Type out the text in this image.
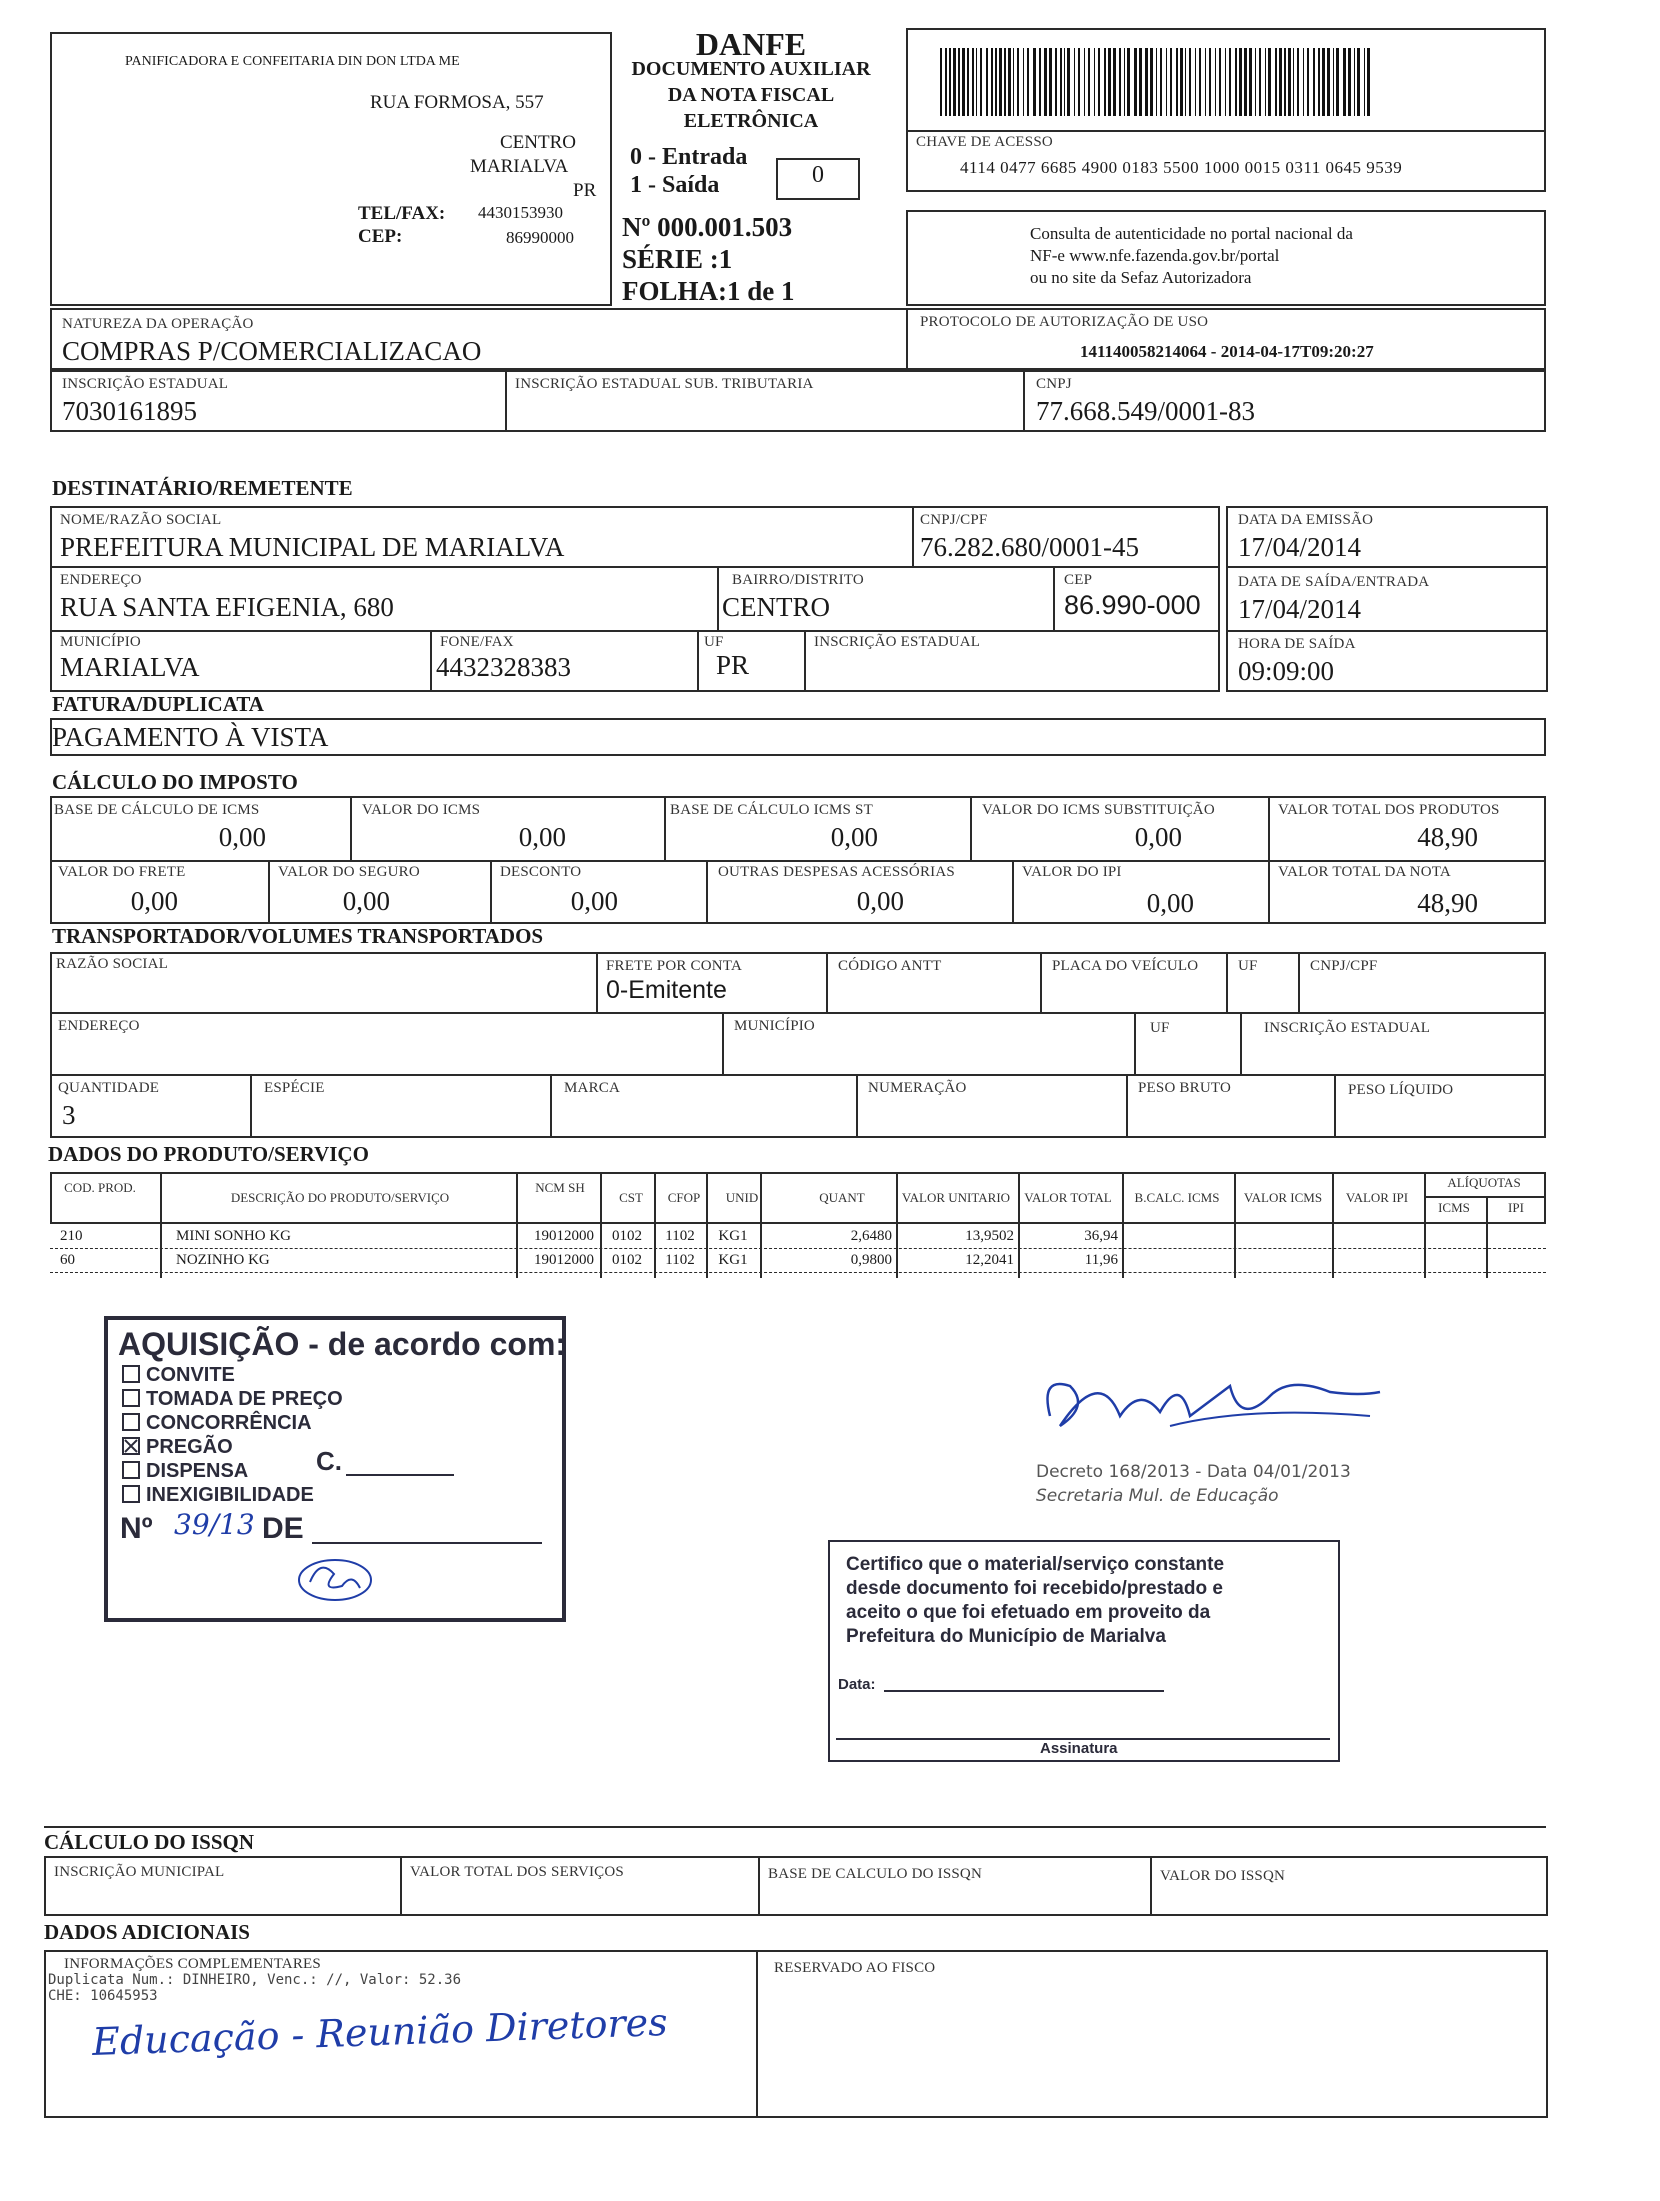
PANIFICADORA E CONFEITARIA DIN DON LTDA ME
RUA FORMOSA, 557
CENTRO
MARIALVA
PR
TEL/FAX: 4430153930
CEP:	86990000
DANFE
DOCUMENTO AUXILIAR
DA NOTA FISCAL
ELETRÔNICA
0 - Entrada
1 - Saída	0
Nº 000.001.503
SÉRIE :1
FOLHA:1 de 1
CHAVE DE ACESSO
4114 0477 6685 4900 0183 5500 1000 0015 0311 0645 9539
Consulta de autenticidade no portal nacional da
NF-e www.nfe.fazenda.gov.br/portal
ou no site da Sefaz Autorizadora
NATUREZA DA OPERAÇÃO
COMPRAS P/COMERCIALIZACAO
PROTOCOLO DE AUTORIZAÇÃO DE USO
141140058214064 - 2014-04-17T09:20:27
INSCRIÇÃO ESTADUAL
7030161895
INSCRIÇÃO ESTADUAL SUB. TRIBUTARIA	CNPJ
77.668.549/0001-83
DESTINATÁRIO/REMETENTE
NOME/RAZÃO SOCIAL
PREFEITURA MUNICIPAL DE MARIALVA
CNPJ/CPF
76.282.680/0001-45
DATA DA EMISSÃO
17/04/2014
ENDEREÇO
RUA SANTA EFIGENIA, 680
BAIRRO/DISTRITO
CENTRO
CEP
86.990-000
DATA DE SAÍDA/ENTRADA
17/04/2014
MUNICÍPIO
MARIALVA
FONE/FAX
4432328383
UF
PR
INSCRIÇÃO ESTADUAL	HORA DE SAÍDA
09:09:00
FATURA/DUPLICATA
PAGAMENTO À VISTA
CÁLCULO DO IMPOSTO
BASE DE CÁLCULO DE ICMS
0,00
VALOR DO ICMS
0,00
BASE DE CÁLCULO ICMS ST
0,00
VALOR DO ICMS SUBSTITUIÇÃO
0,00
VALOR TOTAL DOS PRODUTOS
48,90
VALOR DO FRETE
0,00
VALOR DO SEGURO
0,00
DESCONTO
0,00
OUTRAS DESPESAS ACESSÓRIAS
0,00
VALOR DO IPI
0,00
VALOR TOTAL DA NOTA
48,90
TRANSPORTADOR/VOLUMES TRANSPORTADOS
RAZÃO SOCIAL	FRETE POR CONTA
0-Emitente
CÓDIGO ANTT	PLACA DO VEÍCULO	UF	CNPJ/CPF
ENDEREÇO	MUNICÍPIO	UF	INSCRIÇÃO ESTADUAL
QUANTIDADE
3
ESPÉCIE	MARCA	NUMERAÇÃO	PESO BRUTO	PESO LÍQUIDO
DADOS DO PRODUTO/SERVIÇO
COD. PROD.
DESCRIÇÃO DO PRODUTO/SERVIÇO
NCM SH
CST	CFOP	UNID	QUANT	VALOR UNITARIO	VALOR TOTAL	B.CALC. ICMS	VALOR ICMS	VALOR IPI
ALÍQUOTAS
ICMS	IPI
210	MINI SONHO KG	19012000	0102	1102	KG1	2,6480	13,9502	36,94
60	NOZINHO KG	19012000	0102	1102	KG1	0,9800	12,2041	11,96
AQUISIÇÃO - de acordo com:
CONVITE
TOMADA DE PREÇO
CONCORRÊNCIA
PREGÃO
DISPENSA
INEXIGIBILIDADE
C.
Nº 39/13 DE
Decreto 168/2013 - Data 04/01/2013
Secretaria Mul. de Educação
Certifico que o material/serviço constante
desde documento foi recebido/prestado e
aceito o que foi efetuado em proveito da
Prefeitura do Município de Marialva
Data:
Assinatura
CÁLCULO DO ISSQN
INSCRIÇÃO MUNICIPAL	VALOR TOTAL DOS SERVIÇOS	BASE DE CALCULO DO ISSQN	VALOR DO ISSQN
DADOS ADICIONAIS
INFORMAÇÕES COMPLEMENTARES
Duplicata Num.: DINHEIRO, Venc.: //, Valor: 52.36
CHE: 10645953
Educação - Reunião Diretores
RESERVADO AO FISCO
